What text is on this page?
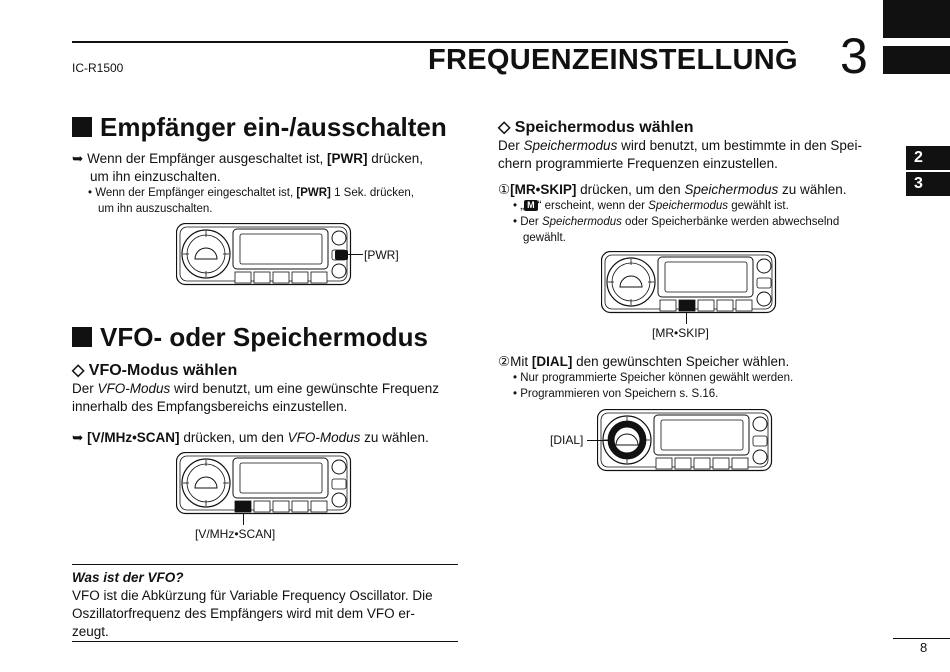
IC-R1500	FREQUENZEINSTELLUNG 3
2
3
8
Empfänger ein-/ausschalten
➥ Wenn der Empfänger ausgeschaltet ist, [PWR] drücken,
um ihn einzuschalten.
• Wenn der Empfänger eingeschaltet ist, [PWR] 1 Sek. drücken,
um ihn auszuschalten.
[PWR]
VFO- oder Speichermodus
◇ VFO-Modus wählen
Der VFO-Modus wird benutzt, um eine gewünschte Frequenz
innerhalb des Empfangsbereichs einzustellen.
➥ [V/MHz•SCAN] drücken, um den VFO-Modus zu wählen.
[V/MHz•SCAN]
Was ist der VFO?
VFO ist die Abkürzung für Variable Frequency Oscillator. Die
Oszillatorfrequenz des Empfängers wird mit dem VFO er-
zeugt.
◇ Speichermodus wählen
Der Speichermodus wird benutzt, um bestimmte in den Spei-
chern programmierte Frequenzen einzustellen.
①[MR•SKIP] drücken, um den Speichermodus zu wählen.
• „ M “ erscheint, wenn der Speichermodus gewählt ist.
• Der Speichermodus oder Speicherbänke werden abwechselnd
gewählt.
[MR•SKIP]
②Mit [DIAL] den gewünschten Speicher wählen.
• Nur programmierte Speicher können gewählt werden.
• Programmieren von Speichern s. S.16.
[DIAL]
